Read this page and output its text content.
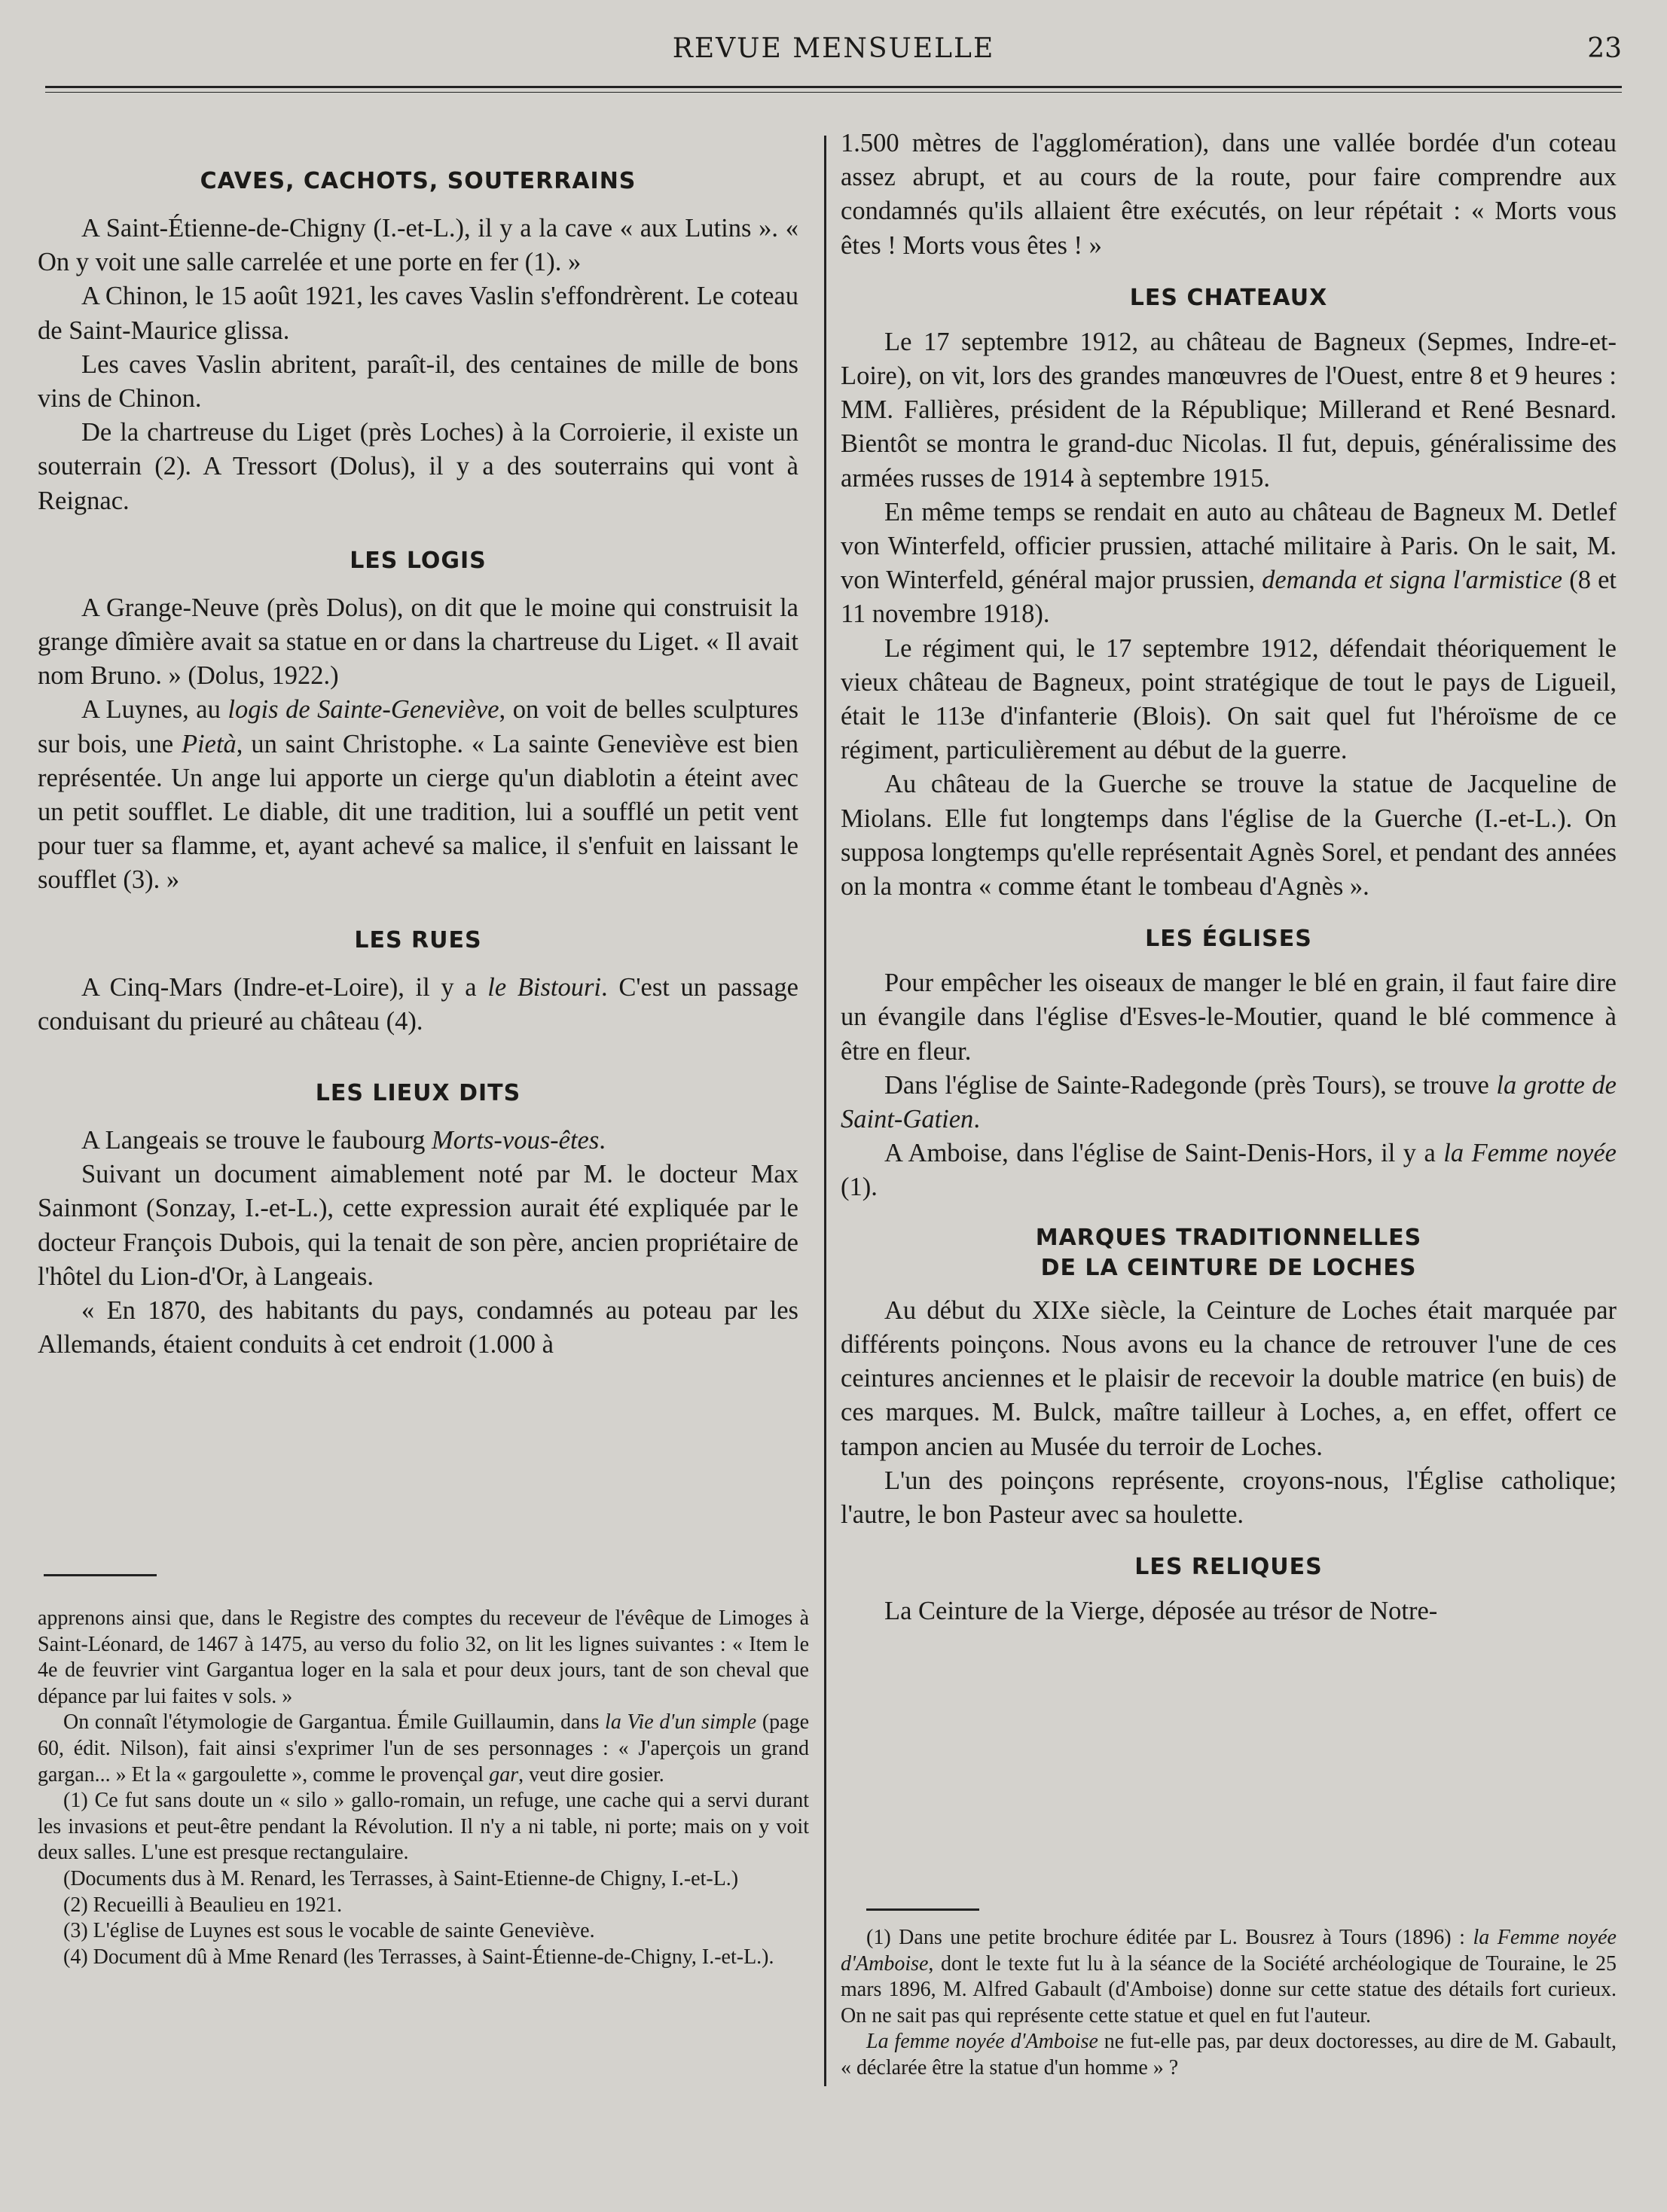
REVUE MENSUELLE	23
CAVES, CACHOTS, SOUTERRAINS

A Saint-Étienne-de-Chigny (I.-et-L.), il y a la cave « aux Lutins ». « On y voit une salle carrelée et une porte en fer (1). »

A Chinon, le 15 août 1921, les caves Vaslin s'effondrèrent. Le coteau de Saint-Maurice glissa.

Les caves Vaslin abritent, paraît-il, des centaines de mille de bons vins de Chinon.

De la chartreuse du Liget (près Loches) à la Corroierie, il existe un souterrain (2). A Tressort (Dolus), il y a des souterrains qui vont à Reignac.

LES LOGIS

A Grange-Neuve (près Dolus), on dit que le moine qui construisit la grange dîmière avait sa statue en or dans la chartreuse du Liget. « Il avait nom Bruno. » (Dolus, 1922.)

A Luynes, au logis de Sainte-Geneviève, on voit de belles sculptures sur bois, une Pietà, un saint Christophe. « La sainte Geneviève est bien représentée. Un ange lui apporte un cierge qu'un diablotin a éteint avec un petit soufflet. Le diable, dit une tradition, lui a soufflé un petit vent pour tuer sa flamme, et, ayant achevé sa malice, il s'enfuit en laissant le soufflet (3). »

LES RUES

A Cinq-Mars (Indre-et-Loire), il y a le Bistouri. C'est un passage conduisant du prieuré au château (4).

LES LIEUX DITS

A Langeais se trouve le faubourg Morts-vous-êtes.

Suivant un document aimablement noté par M. le docteur Max Sainmont (Sonzay, I.-et-L.), cette expression aurait été expliquée par le docteur François Dubois, qui la tenait de son père, ancien propriétaire de l'hôtel du Lion-d'Or, à Langeais.

« En 1870, des habitants du pays, condamnés au poteau par les Allemands, étaient conduits à cet endroit (1.000 à

apprenons ainsi que, dans le Registre des comptes du receveur de l'évêque de Limoges à Saint-Léonard, de 1467 à 1475, au verso du folio 32, on lit les lignes suivantes : « Item le 4e de feuvrier vint Gargantua loger en la sala et pour deux jours, tant de son cheval que dépance par lui faites v sols. »

On connaît l'étymologie de Gargantua. Émile Guillaumin, dans la Vie d'un simple (page 60, édit. Nilson), fait ainsi s'exprimer l'un de ses personnages : « J'aperçois un grand gargan... » Et la « gargoulette », comme le provençal gar, veut dire gosier.

(1) Ce fut sans doute un « silo » gallo-romain, un refuge, une cache qui a servi durant les invasions et peut-être pendant la Révolution. Il n'y a ni table, ni porte; mais on y voit deux salles. L'une est presque rectangulaire.

(Documents dus à M. Renard, les Terrasses, à Saint-Etienne-de Chigny, I.-et-L.)

(2) Recueilli à Beaulieu en 1921.

(3) L'église de Luynes est sous le vocable de sainte Geneviève.

(4) Document dû à Mme Renard (les Terrasses, à Saint-Étienne-de-Chigny, I.-et-L.).

1.500 mètres de l'agglomération), dans une vallée bordée d'un coteau assez abrupt, et au cours de la route, pour faire comprendre aux condamnés qu'ils allaient être exécutés, on leur répétait : « Morts vous êtes ! Morts vous êtes ! »

LES CHATEAUX

Le 17 septembre 1912, au château de Bagneux (Sepmes, Indre-et-Loire), on vit, lors des grandes manœuvres de l'Ouest, entre 8 et 9 heures : MM. Fallières, président de la République; Millerand et René Besnard. Bientôt se montra le grand-duc Nicolas. Il fut, depuis, généralissime des armées russes de 1914 à septembre 1915.

En même temps se rendait en auto au château de Bagneux M. Detlef von Winterfeld, officier prussien, attaché militaire à Paris. On le sait, M. von Winterfeld, général major prussien, demanda et signa l'armistice (8 et 11 novembre 1918).

Le régiment qui, le 17 septembre 1912, défendait théoriquement le vieux château de Bagneux, point stratégique de tout le pays de Ligueil, était le 113e d'infanterie (Blois). On sait quel fut l'héroïsme de ce régiment, particulièrement au début de la guerre.

Au château de la Guerche se trouve la statue de Jacqueline de Miolans. Elle fut longtemps dans l'église de la Guerche (I.-et-L.). On supposa longtemps qu'elle représentait Agnès Sorel, et pendant des années on la montra « comme étant le tombeau d'Agnès ».

LES ÉGLISES

Pour empêcher les oiseaux de manger le blé en grain, il faut faire dire un évangile dans l'église d'Esves-le-Moutier, quand le blé commence à être en fleur.

Dans l'église de Sainte-Radegonde (près Tours), se trouve la grotte de Saint-Gatien.

A Amboise, dans l'église de Saint-Denis-Hors, il y a la Femme noyée (1).

MARQUES TRADITIONNELLES
DE LA CEINTURE DE LOCHES

Au début du XIXe siècle, la Ceinture de Loches était marquée par différents poinçons. Nous avons eu la chance de retrouver l'une de ces ceintures anciennes et le plaisir de recevoir la double matrice (en buis) de ces marques. M. Bulck, maître tailleur à Loches, a, en effet, offert ce tampon ancien au Musée du terroir de Loches.

L'un des poinçons représente, croyons-nous, l'Église catholique; l'autre, le bon Pasteur avec sa houlette.

LES RELIQUES

La Ceinture de la Vierge, déposée au trésor de Notre-

(1) Dans une petite brochure éditée par L. Bousrez à Tours (1896) : la Femme noyée d'Amboise, dont le texte fut lu à la séance de la Société archéologique de Touraine, le 25 mars 1896, M. Alfred Gabault (d'Amboise) donne sur cette statue des détails fort curieux. On ne sait pas qui représente cette statue et quel en fut l'auteur.

La femme noyée d'Amboise ne fut-elle pas, par deux doctoresses, au dire de M. Gabault, « déclarée être la statue d'un homme » ?
